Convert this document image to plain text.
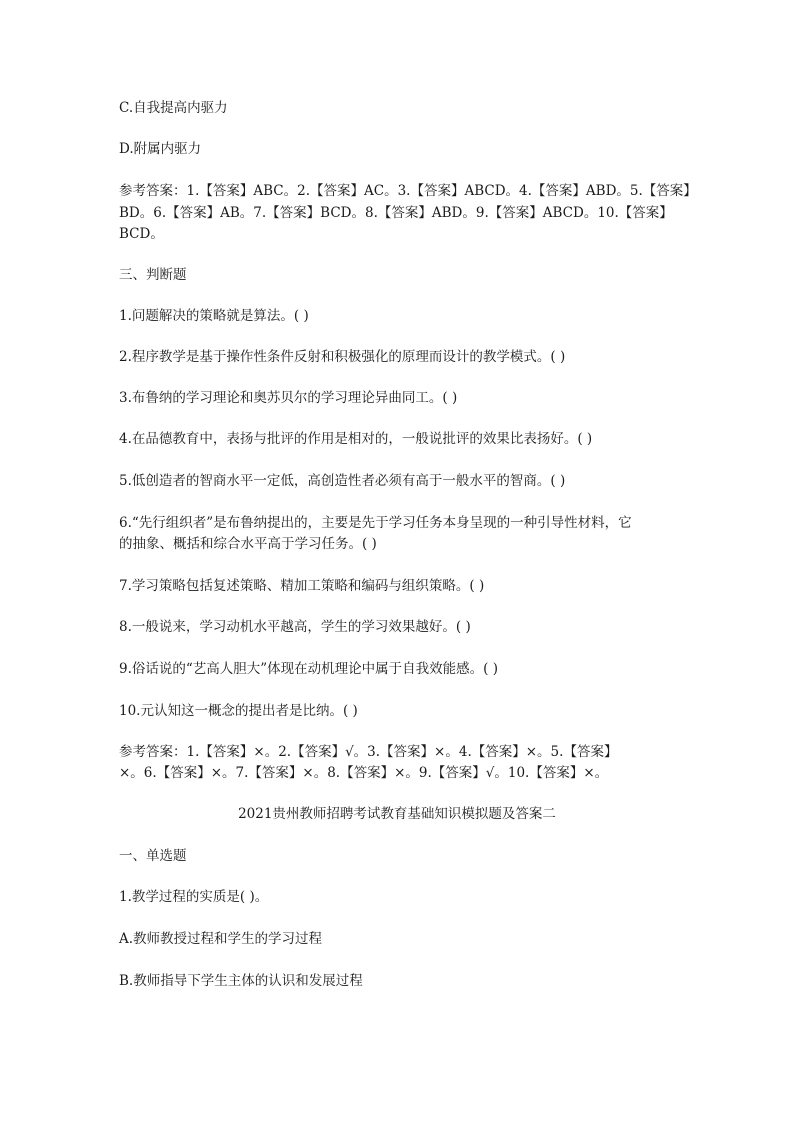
C.自我提高内驱力
D.附属内驱力
参考答案：1.【答案】ABC。2.【答案】AC。3.【答案】ABCD。4.【答案】ABD。5.【答案】
BD。6.【答案】AB。7.【答案】BCD。8.【答案】ABD。9.【答案】ABCD。10.【答案】
BCD。
三、判断题
1.问题解决的策略就是算法。( )
2.程序教学是基于操作性条件反射和积极强化的原理而设计的教学模式。( )
3.布鲁纳的学习理论和奥苏贝尔的学习理论异曲同工。( )
4.在品德教育中，表扬与批评的作用是相对的，一般说批评的效果比表扬好。( )
5.低创造者的智商水平一定低，高创造性者必须有高于一般水平的智商。( )
6.“先行组织者”是布鲁纳提出的，主要是先于学习任务本身呈现的一种引导性材料，它
的抽象、概括和综合水平高于学习任务。( )
7.学习策略包括复述策略、精加工策略和编码与组织策略。( )
8.一般说来，学习动机水平越高，学生的学习效果越好。( )
9.俗话说的“艺高人胆大”体现在动机理论中属于自我效能感。( )
10.元认知这一概念的提出者是比纳。( )
参考答案：1.【答案】×。2.【答案】√。3.【答案】×。4.【答案】×。5.【答案】
×。6.【答案】×。7.【答案】×。8.【答案】×。9.【答案】√。10.【答案】×。
2021贵州教师招聘考试教育基础知识模拟题及答案二
一、单选题
1.教学过程的实质是( )。
A.教师教授过程和学生的学习过程
B.教师指导下学生主体的认识和发展过程
